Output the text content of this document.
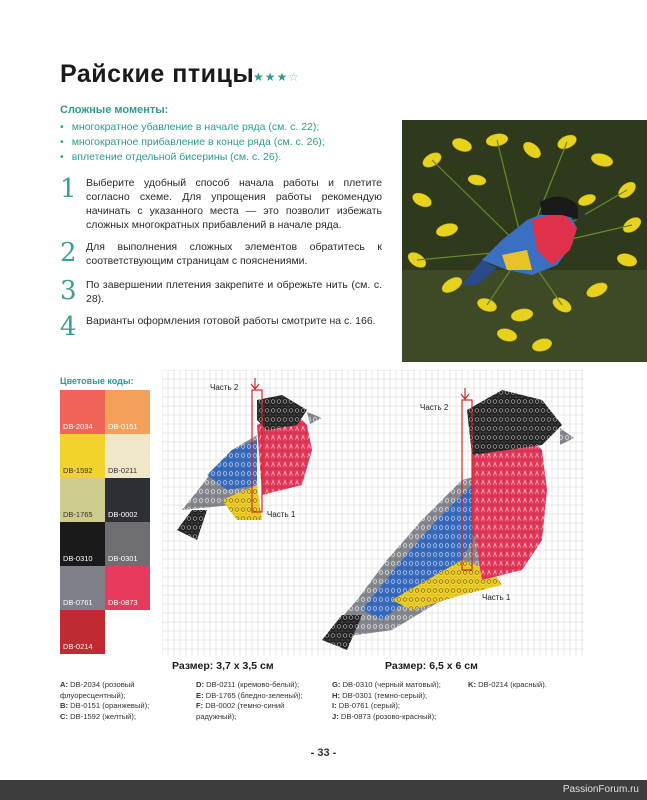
Райские птицы
★★★☆
Сложные моменты:
• многократное убавление в начале ряда (см. с. 22);
• многократное прибавление в конце ряда (см. с. 26);
• вплетение отдельной бисерины (см. с. 26).
1 Выберите удобный способ начала работы и плетите согласно схеме. Для упрощения работы рекомендую начинать с указанного места — это позволит избежать сложных многократных прибавлений в начале ряда.
2 Для выполнения сложных элементов обратитесь к соответствующим страницам с пояснениями.
3 По завершении плетения закрепите и обрежьте нить (см. с. 28).
4 Варианты оформления готовой работы смотрите на с. 166.
Цветовые коды:
DB-2034 DB-0151
DB-1592 DB-0211
DB-1765 DB-0002
DB-0310 DB-0301
DB-0761 DB-0873
DB-0214
Часть 2
Часть 1
Часть 2
Часть 1
Размер: 3,7 х 3,5 см	Размер: 6,5 х 6 см
A: DB-2034 (розовый флуоресцентный);
B: DB-0151 (оранжевый);
C: DB-1592 (желтый);
D: DB-0211 (кремово-белый);
E: DB-1765 (бледно-зеленый);
F: DB-0002 (темно-синий радужный);
G: DB-0310 (черный матовый);
H: DB-0301 (темно-серый);
I: DB-0761 (серый);
J: DB-0873 (розово-красный);
K: DB-0214 (красный).
- 33 -
PassionForum.ru
